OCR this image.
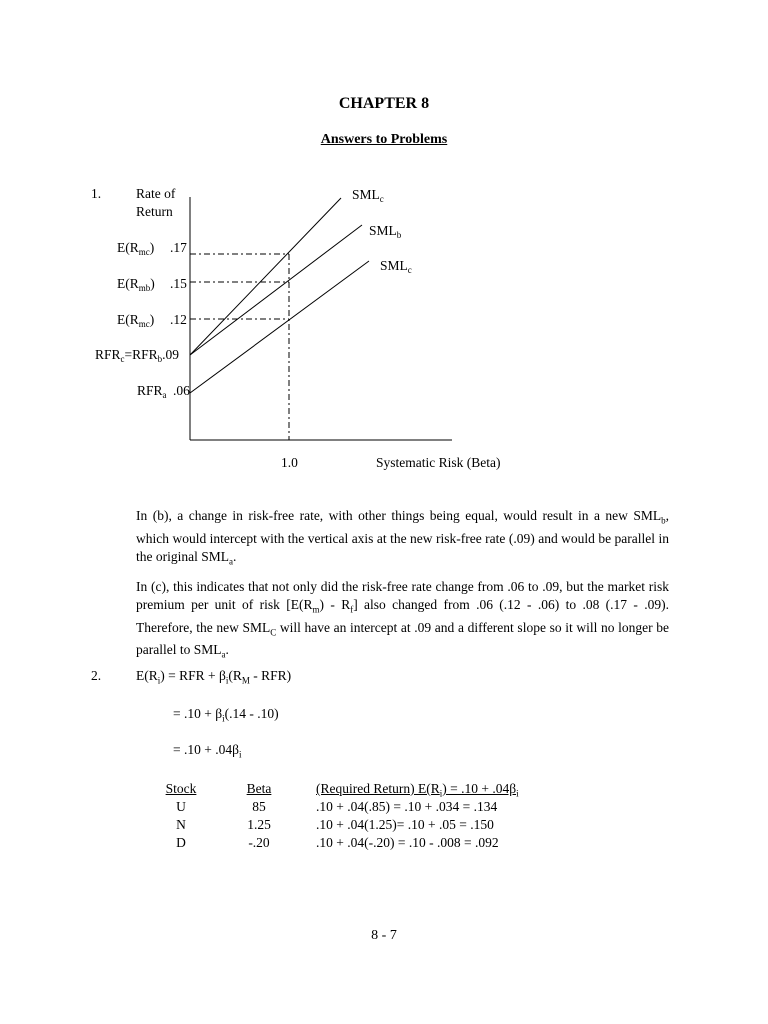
CHAPTER 8
Answers to Problems
1.	Rate of
Return
$E(R_{mc})$ .17
$E(R_{mb})$ .15
$E(R_{mc})$ .12
$RFR_c=RFR_b.09$
$RFR_a$ .06
$SML_c$
$SML_b$
$SML_c$
1.0	Systematic Risk (Beta)
In (b), a change in risk-free rate, with other things being equal, would result in a new $SML_b$, which would intercept with the vertical axis at the new risk-free rate (.09) and would be parallel in the original $SML_a$.
In (c), this indicates that not only did the risk-free rate change from .06 to .09, but the market risk premium per unit of risk $[E(R_m) - R_f]$ also changed from .06 (.12 - .06) to .08 (.17 - .09). Therefore, the new $SML_C$ will have an intercept at .09 and a different slope so it will no longer be parallel to $SML_a$.
2.	$E(R_i)$ = RFR + $\beta_i(R_M - RFR)$
= $.10 + \beta_i(.14 - .10)$
= $.10 + .04\beta_i$
Stock	Beta	(Required Return) $E(R_i) = .10 + .04\beta_i$
U	85	.10 + .04(.85) = .10 + .034 = .134
N	1.25	.10 + .04(1.25)= .10 + .05 = .150
D	-.20	.10 + .04(-.20) = .10 - .008 = .092
8 - 7
